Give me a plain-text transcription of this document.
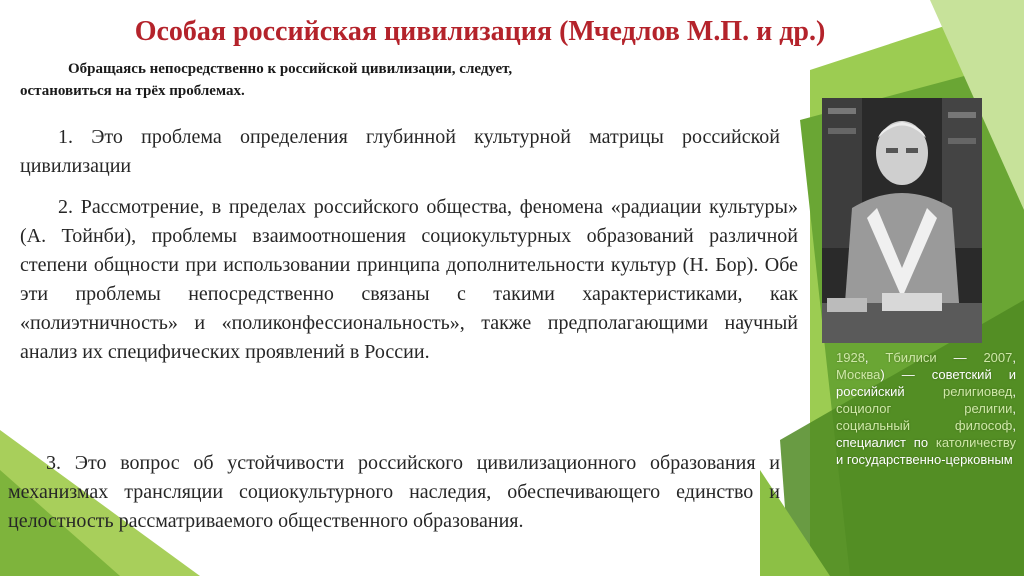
Особая российская цивилизация (Мчедлов М.П. и др.)
Обращаясь непосредственно к российской цивилизации, следует,
остановиться на трёх проблемах.

1. Это проблема определения глубинной культурной матрицы российской цивилизации

2. Рассмотрение, в пределах российского общества, феномена «радиации культуры» (А. Тойнби), проблемы взаимоотношения социокультурных образований различной степени общности при использовании принципа дополнительности культур (Н. Бор). Обе эти проблемы непосредственно связаны с такими характеристиками, как «полиэтничность» и «поликонфессиональность», также предполагающими научный анализ их специфических проявлений в России.

3. Это вопрос об устойчивости российского цивилизационного образования и механизмах трансляции социокультурного наследия, обеспечивающего единство и целостность рассматриваемого общественного образования.

1928, Тбилиси — 2007, Москва) — советский и российский религиовед, социолог религии, социальный философ, специалист по католичеству и государственно-церковным
